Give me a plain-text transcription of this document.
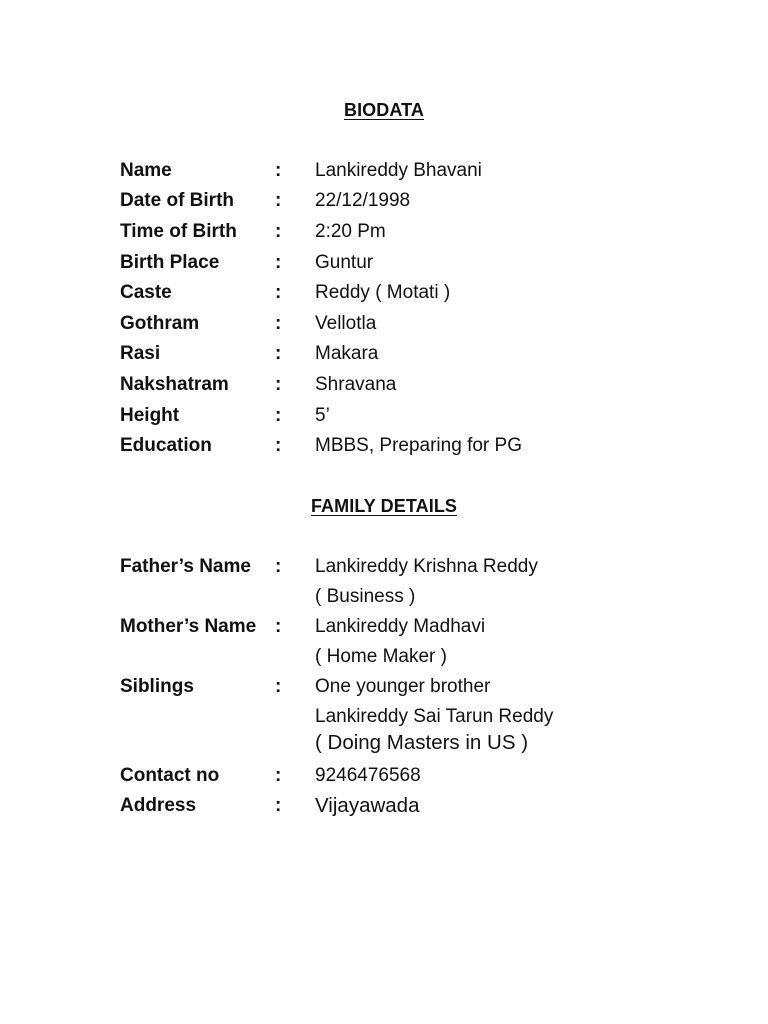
BIODATA
Name	: Lankireddy Bhavani
Date of Birth : 22/12/1998
Time of Birth : 2:20 Pm
Birth Place	: Guntur
Caste	: Reddy ( Motati )
Gothram	: Vellotla
Rasi	: Makara
Nakshatram : Shravana
Height	: 5’
Education	: MBBS, Preparing for PG
FAMILY DETAILS
Father’s Name : Lankireddy Krishna Reddy
( Business )
Mother’s Name : Lankireddy Madhavi
( Home Maker )
Siblings	: One younger brother
Lankireddy Sai Tarun Reddy
( Doing Masters in US )
Contact no	: 9246476568
Address	: Vijayawada
